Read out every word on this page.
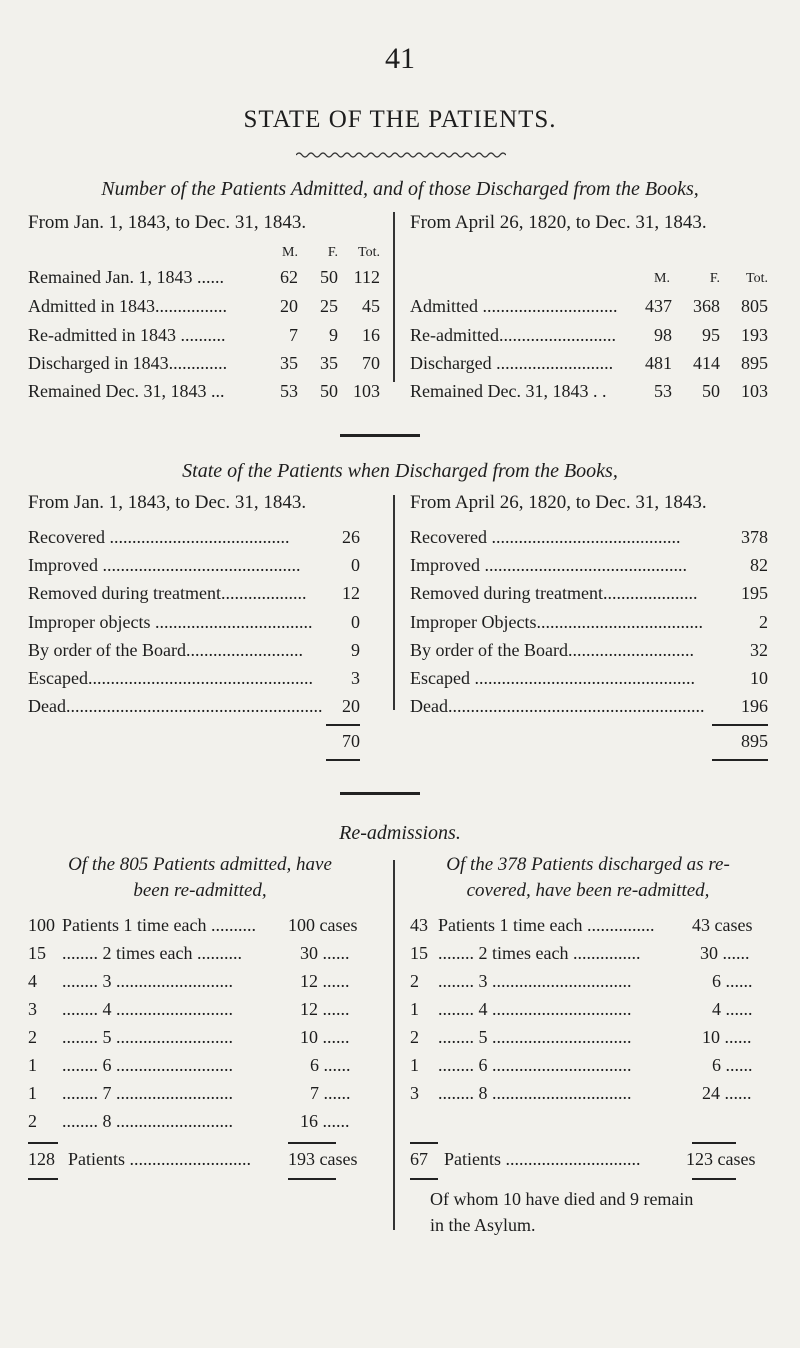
41
STATE OF THE PATIENTS.
Number of the Patients Admitted, and of those Discharged from the Books,
From Jan. 1, 1843, to Dec. 31, 1843.	From April 26, 1820, to Dec. 31, 1843.
M.	F.	Tot.
Remained Jan. 1, 1843 ......	62	50 112
Admitted in 1843................	20	25	45
Re-admitted in 1843 ..........	7	9	16
Discharged in 1843.............	35	35	70
Remained Dec. 31, 1843 ...	53	50 103
M.	F.	Tot.
Admitted ..............................	437	368	805
Re-admitted..........................	98	95	193
Discharged ..........................	481	414	895
Remained Dec. 31, 1843 . .	53	50	103
State of the Patients when Discharged from the Books,
From Jan. 1, 1843, to Dec. 31, 1843.	From April 26, 1820, to Dec. 31, 1843.
Recovered ........................................	26
Improved ............................................	0
Removed during treatment...................	12
Improper objects ...................................	0
By order of the Board..........................	9
Escaped..................................................	3
Dead.........................................................	20
70
Recovered ..........................................	378
Improved .............................................	82
Removed during treatment.....................	195
Improper Objects.....................................	2
By order of the Board............................	32
Escaped .................................................	10
Dead.........................................................	196
895
Re-admissions.
Of the 805 Patients admitted, have
been re-admitted,
Of the 378 Patients discharged as re-
covered, have been re-admitted,
100 Patients 1 time each .......... 100 cases
15 ........ 2 times each ..........	30 ......
4 ........ 3 ..........................	12 ......
3 ........ 4 ..........................	12 ......
2 ........ 5 ..........................	10 ......
1 ........ 6 ..........................	6 ......
1 ........ 7 ..........................	7 ......
2 ........ 8 ..........................	16 ......
128 Patients ........................... 193 cases
43 Patients 1 time each ............... 43 cases
15 ........ 2 times each ...............	30 ......
2 ........ 3 ...............................	6 ......
1 ........ 4 ...............................	4 ......
2 ........ 5 ...............................	10 ......
1 ........ 6 ...............................	6 ......
3 ........ 8 ...............................	24 ......
67 Patients ..............................	123 cases
Of whom 10 have died and 9 remain
in the Asylum.
